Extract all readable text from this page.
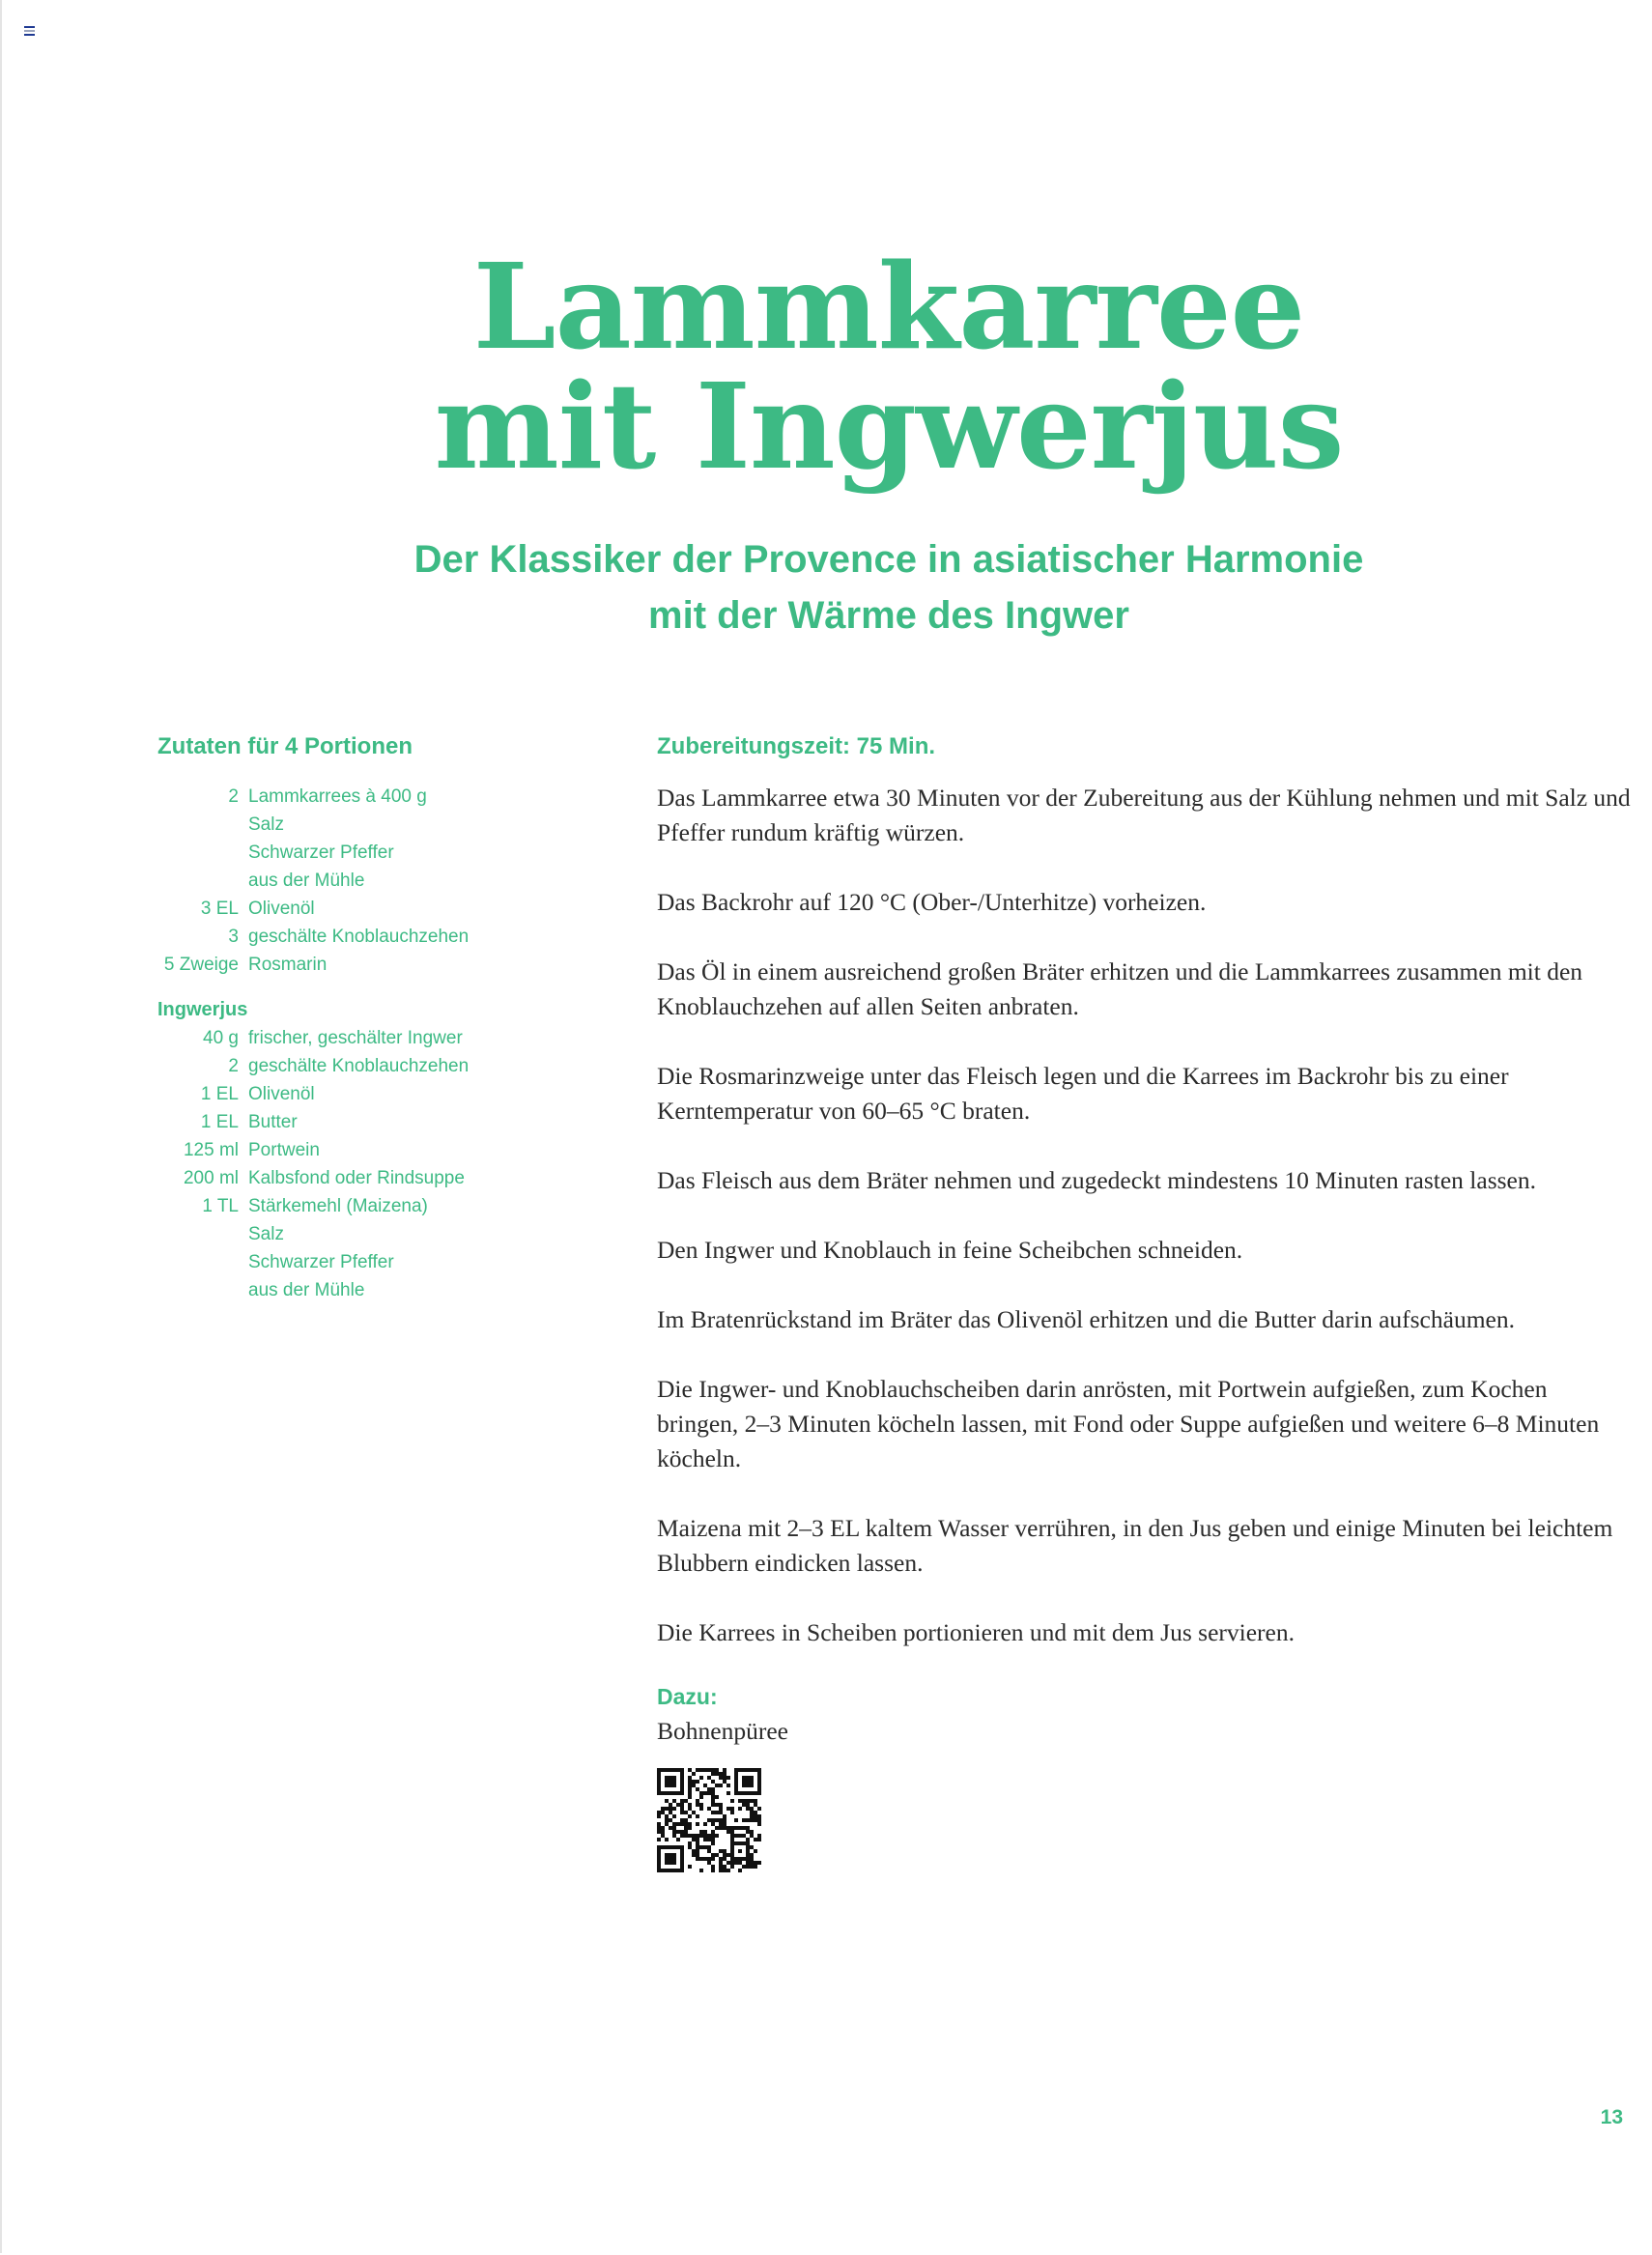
Lammkarree
mit Ingwerjus
Der Klassiker der Provence in asiatischer Harmonie
mit der Wärme des Ingwer
Zutaten für 4 Portionen
2 Lammkarrees à 400 g
Salz
Schwarzer Pfeffer
aus der Mühle
3 EL Olivenöl
3 geschälte Knoblauchzehen
5 Zweige Rosmarin
Ingwerjus
40 g frischer, geschälter Ingwer
2 geschälte Knoblauchzehen
1 EL Olivenöl
1 EL Butter
125 ml Portwein
200 ml Kalbsfond oder Rindsuppe
1 TL Stärkemehl (Maizena)
Salz
Schwarzer Pfeffer
aus der Mühle
Zubereitungszeit: 75 Min.

Das Lammkarree etwa 30 Minuten vor der Zubereitung aus der Kühlung nehmen und mit Salz und Pfeffer rundum kräftig würzen.

Das Backrohr auf 120 °C (Ober-/Unterhitze) vorheizen.

Das Öl in einem ausreichend großen Bräter erhitzen und die Lammkarrees zusammen mit den Knoblauchzehen auf allen Seiten anbraten.

Die Rosmarinzweige unter das Fleisch legen und die Karrees im Backrohr bis zu einer Kerntemperatur von 60–65 °C braten.

Das Fleisch aus dem Bräter nehmen und zugedeckt mindestens 10 Minuten rasten lassen.

Den Ingwer und Knoblauch in feine Scheibchen schneiden.

Im Bratenrückstand im Bräter das Olivenöl erhitzen und die Butter darin aufschäumen.

Die Ingwer- und Knoblauchscheiben darin anrösten, mit Portwein aufgießen, zum Kochen bringen, 2–3 Minuten köcheln lassen, mit Fond oder Suppe aufgießen und weitere 6–8 Minuten köcheln.

Maizena mit 2–3 EL kaltem Wasser verrühren, in den Jus geben und einige Minuten bei leichtem Blubbern eindicken lassen.

Die Karrees in Scheiben portionieren und mit dem Jus servieren.

Dazu:
Bohnenpüree
13
